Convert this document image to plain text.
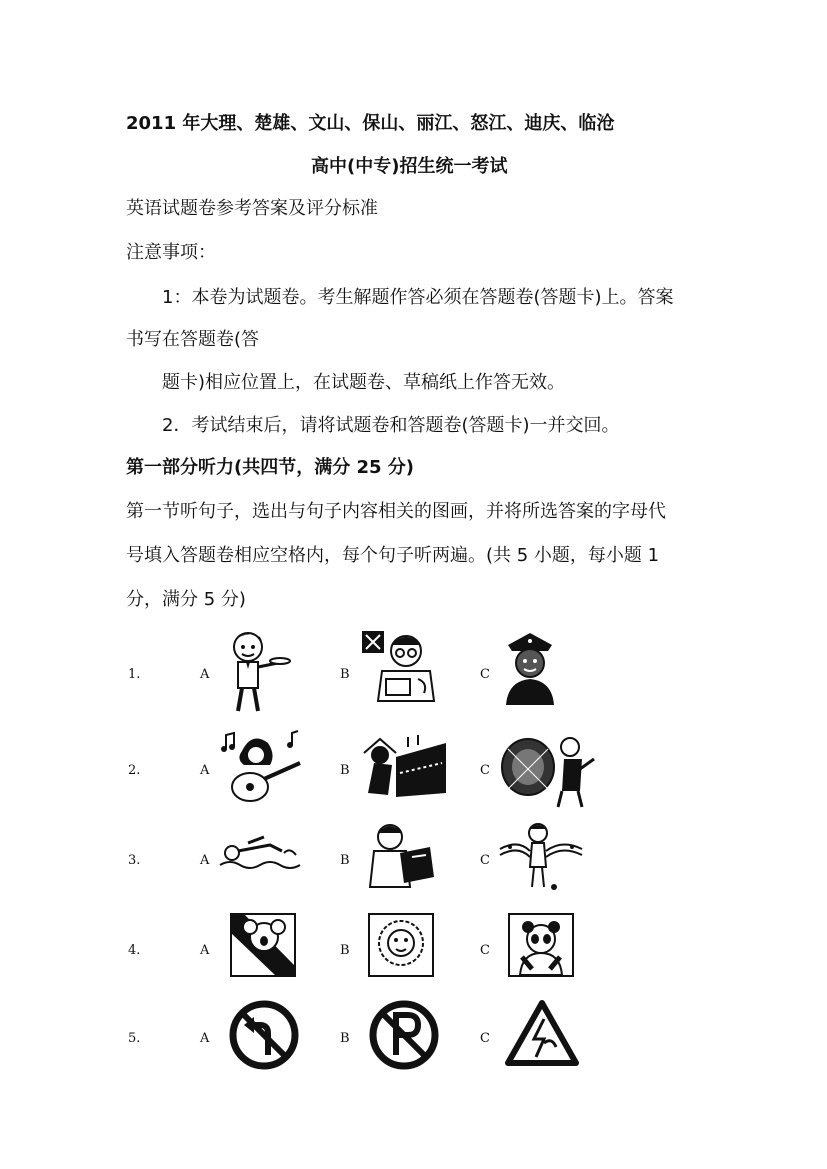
2011 年大理、楚雄、文山、保山、丽江、怒江、迪庆、临沧
高中(中专)招生统一考试
英语试题卷参考答案及评分标准
注意事项：
1：本卷为试题卷。考生解题作答必须在答题卷(答题卡)上。答案
书写在答题卷(答
题卡)相应位置上，在试题卷、草稿纸上作答无效。
2．考试结束后，请将试题卷和答题卷(答题卡)一并交回。
第一部分听力(共四节，满分 25 分)
第一节听句子，选出与句子内容相关的图画，并将所选答案的字母代
号填入答题卷相应空格内，每个句子听两遍。(共 5 小题，每小题 1
分，满分 5 分)
1.	A	B	C
2.	A	B	C
3.	A	B	C
4.	A	B	C
5.	A	B	C
